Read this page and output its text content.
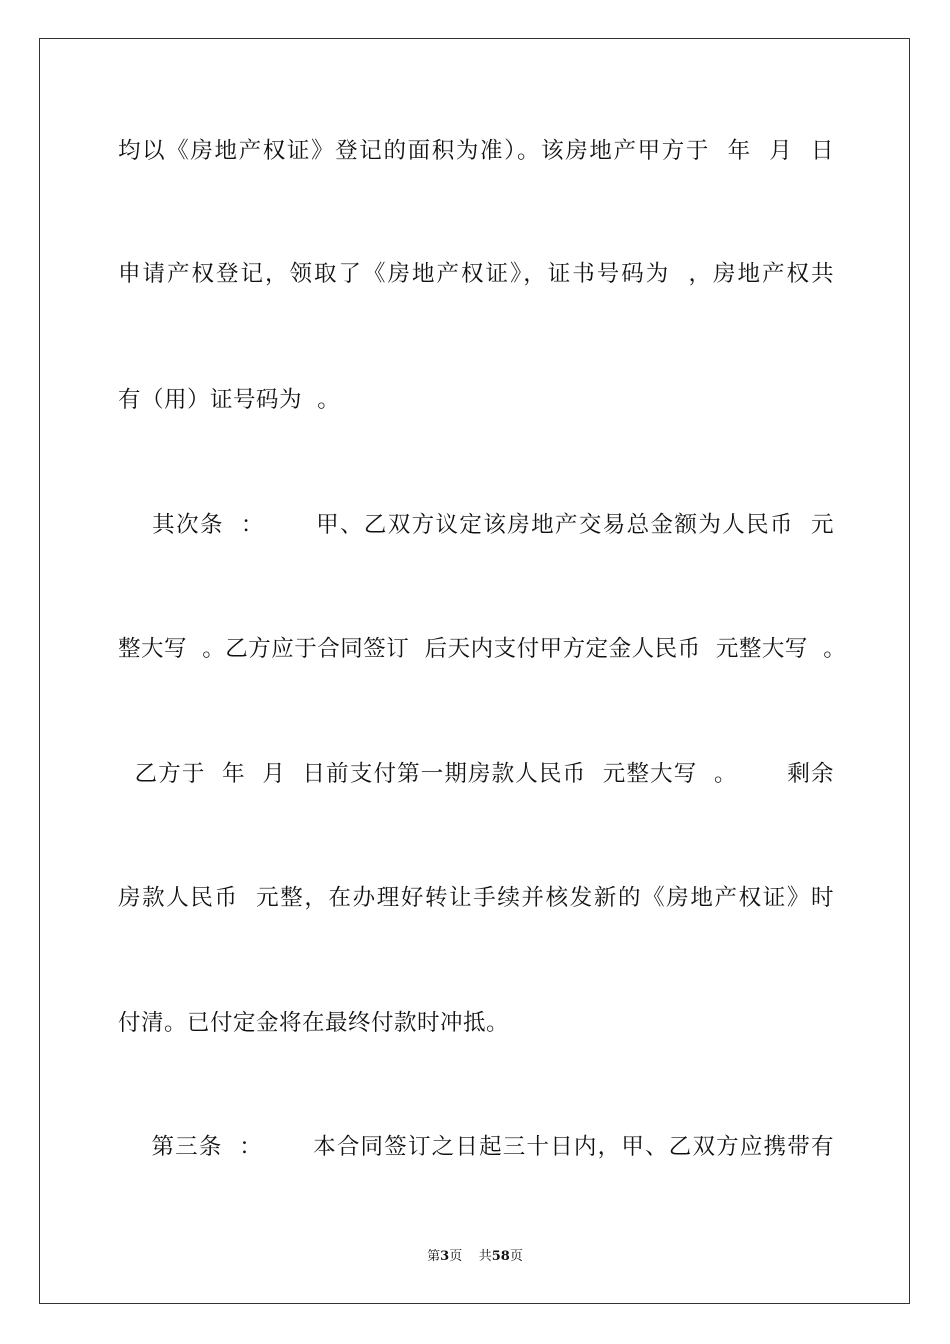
均以《房地产权证》登记的面积为准）。该房地产甲方于  年  月  日
申请产权登记，领取了《房地产权证》，证书号码为  ，房地产权共
有（用）证号码为  。
其次条  ：      甲、乙双方议定该房地产交易总金额为人民币  元
整大写  。乙方应于合同签订  后天内支付甲方定金人民币  元整大写  。
乙方于  年  月  日前支付第一期房款人民币  元整大写  。      剩余
房款人民币  元整，在办理好转让手续并核发新的《房地产权证》时
付清。已付定金将在最终付款时冲抵。
第三条  ：      本合同签订之日起三十日内，甲、乙双方应携带有
第3页    共58页
